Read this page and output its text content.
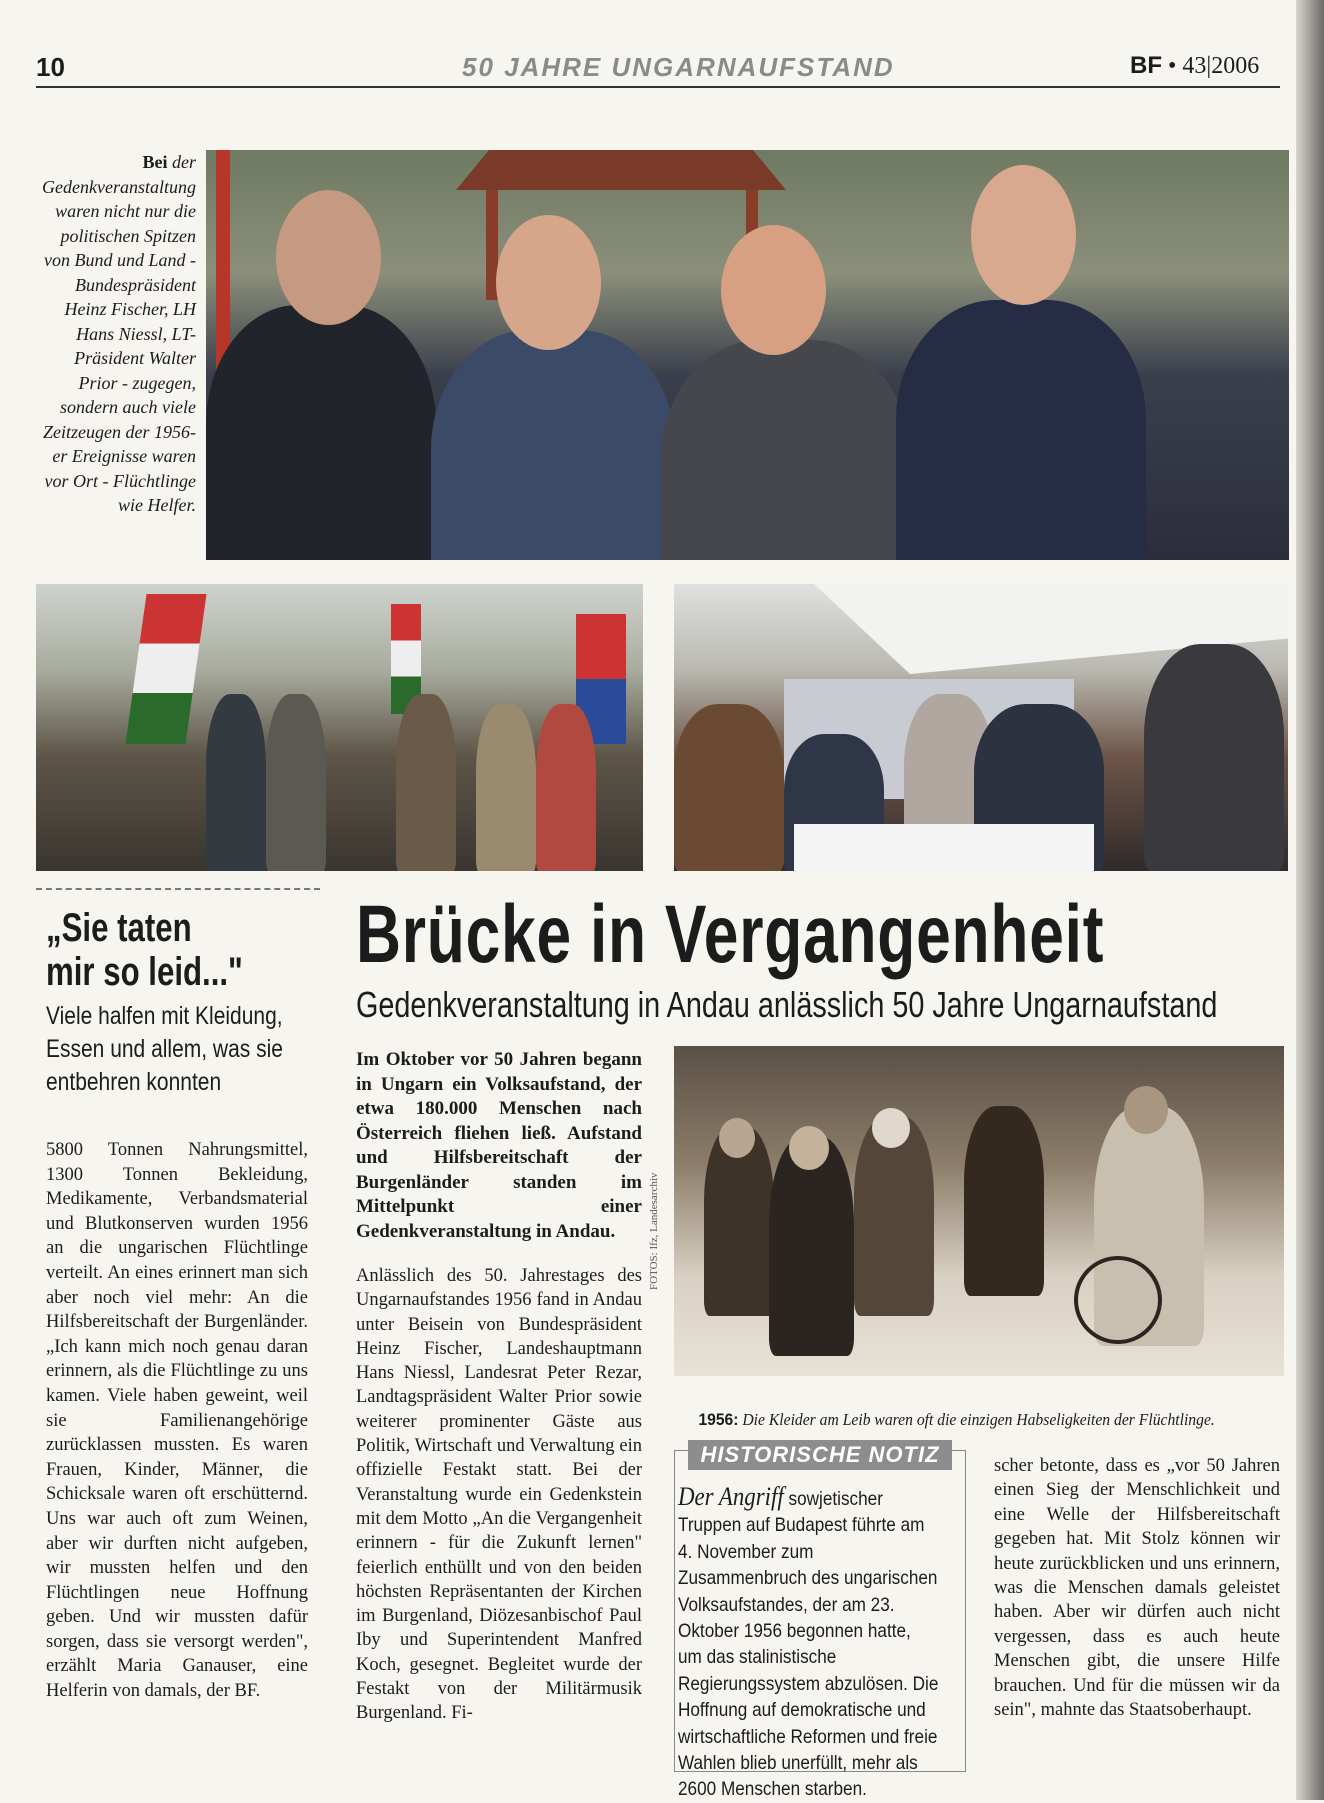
10	50 JAHRE UNGARNAUFSTAND	BF • 43|2006
Bei der Gedenkveranstaltung waren nicht nur die politischen Spitzen von Bund und Land - Bundespräsident Heinz Fischer, LH Hans Niessl, LT-Präsident Walter Prior - zugegen, sondern auch viele Zeitzeugen der 1956-er Ereignisse waren vor Ort - Flüchtlinge wie Helfer.
„Sie taten
mir so leid..."
Viele halfen mit Kleidung, Essen und allem, was sie entbehren konnten
5800 Tonnen Nahrungsmittel, 1300 Tonnen Bekleidung, Medikamente, Verbandsmaterial und Blutkonserven wurden 1956 an die ungarischen Flüchtlinge verteilt. An eines erinnert man sich aber noch viel mehr: An die Hilfsbereitschaft der Burgenländer. „Ich kann mich noch genau daran erinnern, als die Flüchtlinge zu uns kamen. Viele haben geweint, weil sie Familienangehörige zurücklassen mussten. Es waren Frauen, Kinder, Männer, die Schicksale waren oft erschütternd. Uns war auch oft zum Weinen, aber wir durften nicht aufgeben, wir mussten helfen und den Flüchtlingen neue Hoffnung geben. Und wir mussten dafür sorgen, dass sie versorgt werden", erzählt Maria Ganauser, eine Helferin von damals, der BF.
Brücke in Vergangenheit
Gedenkveranstaltung in Andau anlässlich 50 Jahre Ungarnaufstand
Im Oktober vor 50 Jahren begann in Ungarn ein Volksaufstand, der etwa 180.000 Menschen nach Österreich fliehen ließ. Aufstand und Hilfsbereitschaft der Burgenländer standen im Mittelpunkt einer Gedenkveranstaltung in Andau.
Anlässlich des 50. Jahrestages des Ungarnaufstandes 1956 fand in Andau unter Beisein von Bundespräsident Heinz Fischer, Landeshauptmann Hans Niessl, Landesrat Peter Rezar, Landtagspräsident Walter Prior sowie weiterer prominenter Gäste aus Politik, Wirtschaft und Verwaltung ein offizielle Festakt statt. Bei der Veranstaltung wurde ein Gedenkstein mit dem Motto „An die Vergangenheit erinnern - für die Zukunft lernen" feierlich enthüllt und von den beiden höchsten Repräsentanten der Kirchen im Burgenland, Diözesanbischof Paul Iby und Superintendent Manfred Koch, gesegnet. Begleitet wurde der Festakt von der Militärmusik Burgenland. Fi-
FOTOS: Ifz, Landesarchiv
1956: Die Kleider am Leib waren oft die einzigen Habseligkeiten der Flüchtlinge.
HISTORISCHE NOTIZ
Der Angriff sowjetischer Truppen auf Budapest führte am 4. November zum Zusammenbruch des ungarischen Volksaufstandes, der am 23. Oktober 1956 begonnen hatte, um das stalinistische Regierungssystem abzulösen. Die Hoffnung auf demokratische und wirtschaftliche Reformen und freie Wahlen blieb unerfüllt, mehr als 2600 Menschen starben.
scher betonte, dass es „vor 50 Jahren einen Sieg der Menschlichkeit und eine Welle der Hilfsbereitschaft gegeben hat. Mit Stolz können wir heute zurückblicken und uns erinnern, was die Menschen damals geleistet haben. Aber wir dürfen auch nicht vergessen, dass es auch heute Menschen gibt, die unsere Hilfe brauchen. Und für die müssen wir da sein", mahnte das Staatsoberhaupt.
